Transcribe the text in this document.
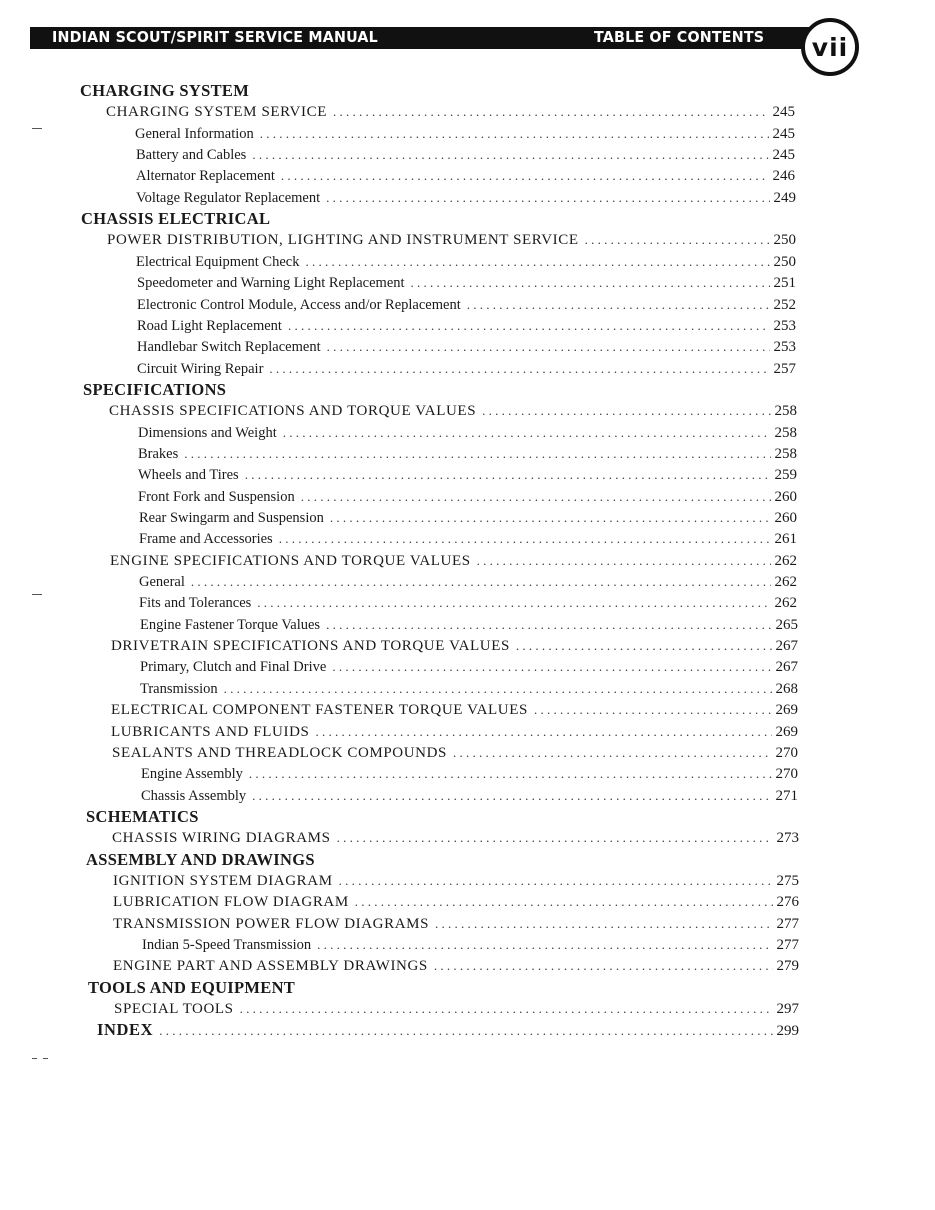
INDIAN SCOUT/SPIRIT SERVICE MANUAL	TABLE OF CONTENTS	vii
CHARGING SYSTEM
CHARGING SYSTEM SERVICE . . .	245
General Information . . .	245
Battery and Cables . . .	245
Alternator Replacement . . .	246
Voltage Regulator Replacement . . .	249
CHASSIS ELECTRICAL
POWER DISTRIBUTION, LIGHTING AND INSTRUMENT SERVICE . . .	250
Electrical Equipment Check . . .	250
Speedometer and Warning Light Replacement . . .	251
Electronic Control Module, Access and/or Replacement . . .	252
Road Light Replacement . . .	253
Handlebar Switch Replacement . . .	253
Circuit Wiring Repair . . .	257
SPECIFICATIONS
CHASSIS SPECIFICATIONS AND TORQUE VALUES . . .	258
Dimensions and Weight . . .	258
Brakes . . .	258
Wheels and Tires . . .	259
Front Fork and Suspension . . .	260
Rear Swingarm and Suspension . . .	260
Frame and Accessories . . .	261
ENGINE SPECIFICATIONS AND TORQUE VALUES . . .	262
General . . .	262
Fits and Tolerances . . .	262
Engine Fastener Torque Values . . .	265
DRIVETRAIN SPECIFICATIONS AND TORQUE VALUES . . .	267
Primary, Clutch and Final Drive . . .	267
Transmission . . .	268
ELECTRICAL COMPONENT FASTENER TORQUE VALUES . . .	269
LUBRICANTS AND FLUIDS . . .	269
SEALANTS AND THREADLOCK COMPOUNDS . . .	270
Engine Assembly . . .	270
Chassis Assembly . . .	271
SCHEMATICS
CHASSIS WIRING DIAGRAMS . . .	273
ASSEMBLY AND DRAWINGS
IGNITION SYSTEM DIAGRAM . . .	275
LUBRICATION FLOW DIAGRAM . . .	276
TRANSMISSION POWER FLOW DIAGRAMS . . .	277
Indian 5-Speed Transmission . . .	277
ENGINE PART AND ASSEMBLY DRAWINGS . . .	279
TOOLS AND EQUIPMENT
SPECIAL TOOLS . . .	297
INDEX . . .	299
